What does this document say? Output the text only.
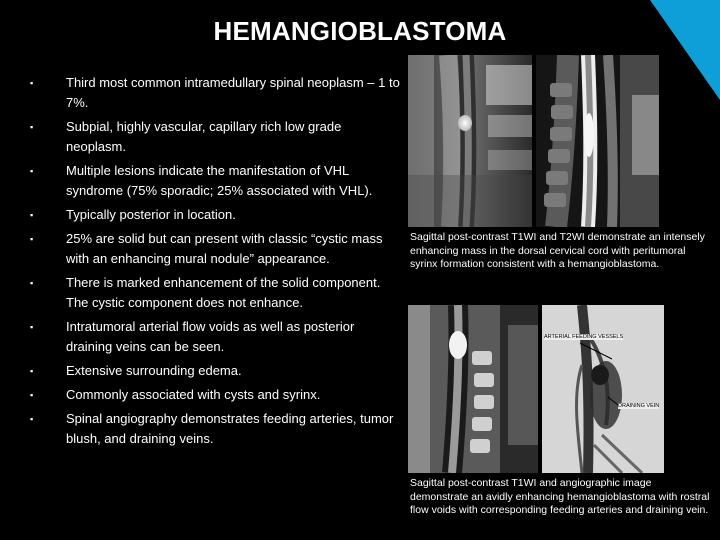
HEMANGIOBLASTOMA
▪	Third most common intramedullary spinal neoplasm – 1 to 7%.
▪	Subpial, highly vascular, capillary rich low grade neoplasm.
▪	Multiple lesions indicate the manifestation of VHL syndrome (75% sporadic; 25% associated with VHL).
▪	Typically posterior in location.
▪	25% are solid but can present with classic “cystic mass with an enhancing mural nodule” appearance.
▪	There is marked enhancement of the solid component. The cystic component does not enhance.
▪	Intratumoral arterial flow voids as well as posterior draining veins can be seen.
▪	Extensive surrounding edema.
▪	Commonly associated with cysts and syrinx.
▪	Spinal angiography demonstrates feeding arteries, tumor blush, and draining veins.
Sagittal post-contrast T1WI and T2WI demonstrate an intensely enhancing mass in the dorsal cervical cord with peritumoral syrinx formation consistent with a hemangioblastoma.
ARTERIAL FEEDING VESSELS
DRAINING VEIN
Sagittal post-contrast T1WI and angiographic image demonstrate an avidly enhancing hemangioblastoma with rostral flow voids with corresponding feeding arteries and draining vein.
